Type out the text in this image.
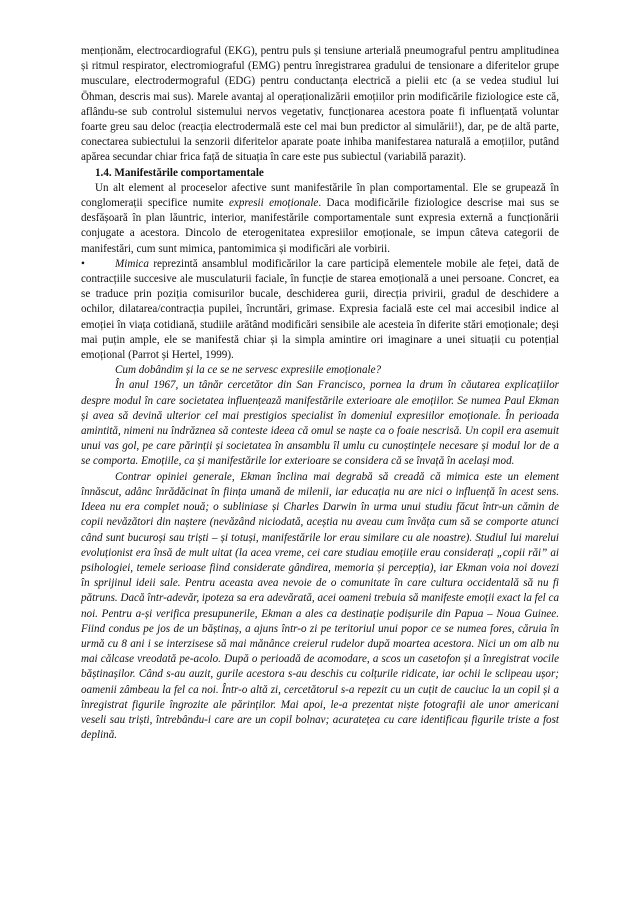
menționăm, electrocardiograful (EKG), pentru puls și tensiune arterială pneumograful pentru amplitudinea și ritmul respirator, electromiograful (EMG) pentru înregistrarea gradului de tensionare a diferitelor grupe musculare, electrodermograful (EDG) pentru conductanța electrică a pielii etc (a se vedea studiul lui Öhman, descris mai sus). Marele avantaj al operaționalizării emoțiilor prin modificările fiziologice este că, aflându-se sub controlul sistemului nervos vegetativ, funcționarea acestora poate fi influențată voluntar foarte greu sau deloc (reacția electrodermală este cel mai bun predictor al simulării!), dar, pe de altă parte, conectarea subiectului la senzorii diferitelor aparate poate inhiba manifestarea naturală a emoțiilor, putând apărea secundar chiar frica față de situația în care este pus subiectul (variabilă parazit).

1.4. Manifestările comportamentale

Un alt element al proceselor afective sunt manifestările în plan comportamental. Ele se grupează în conglomerații specifice numite expresii emoționale. Daca modificările fiziologice descrise mai sus se desfășoară în plan lăuntric, interior, manifestările comportamentale sunt expresia externă a funcționării conjugate a acestora. Dincolo de eterogenitatea expresiilor emoționale, se impun câteva categorii de manifestări, cum sunt mimica, pantomimica și modificări ale vorbirii.

•	Mimica reprezintă ansamblul modificărilor la care participă elementele mobile ale feței, dată de contracțiile succesive ale musculaturii faciale, în funcție de starea emoțională a unei persoane. Concret, ea se traduce prin poziția comisurilor bucale, deschiderea gurii, direcția privirii, gradul de deschidere a ochilor, dilatarea/contracția pupilei, încruntări, grimase. Expresia facială este cel mai accesibil indice al emoției în viața cotidiană, studiile arătând modificări sensibile ale acesteia în diferite stări emoționale; deși mai puțin ample, ele se manifestă chiar și la simpla amintire ori imaginare a unei situații cu potențial emoțional (Parrot și Hertel, 1999).

Cum dobândim și la ce se ne servesc expresiile emoționale?

În anul 1967, un tânăr cercetător din San Francisco, pornea la drum în căutarea explicațiilor despre modul în care societatea influențează manifestările exterioare ale emoțiilor. Se numea Paul Ekman și avea să devină ulterior cel mai prestigios specialist în domeniul expresiilor emoționale. În perioada amintită, nimeni nu îndrăznea să conteste ideea că omul se naște ca o foaie nescrisă. Un copil era asemuit unui vas gol, pe care părinții și societatea în ansamblu îl umlu cu cunoștințele necesare și modul lor de a se comporta. Emoțiile, ca și manifestările lor exterioare se considera că se învață în același mod.

Contrar opiniei generale, Ekman înclina mai degrabă să creadă că mimica este un element înnăscut, adânc înrădăcinat în ființa umană de milenii, iar educația nu are nici o influență în acest sens. Ideea nu era complet nouă; o subliniase și Charles Darwin în urma unui studiu făcut într-un cămin de copii nevăzători din naștere (nevăzând niciodată, aceștia nu aveau cum învăța cum să se comporte atunci când sunt bucuroși sau triști – și totuși, manifestările lor erau similare cu ale noastre). Studiul lui marelui evoluționist era însă de mult uitat (la acea vreme, cei care studiau emoțiile erau considerați „copii răi” ai psihologiei, temele serioase fiind considerate gândirea, memoria și percepția), iar Ekman voia noi dovezi în sprijinul ideii sale. Pentru aceasta avea nevoie de o comunitate în care cultura occidentală să nu fi pătruns. Dacă într-adevăr, ipoteza sa era adevărată, acei oameni trebuia să manifeste emoții exact la fel ca noi. Pentru a-și verifica presupunerile, Ekman a ales ca destinație podișurile din Papua – Noua Guinee. Fiind condus pe jos de un băștinaș, a ajuns într-o zi pe teritoriul unui popor ce se numea fores, căruia în urmă cu 8 ani i se interzisese să mai mănânce creierul rudelor după moartea acestora. Nici un om alb nu mai călcase vreodată pe-acolo. După o perioadă de acomodare, a scos un casetofon și a înregistrat vocile băștinașilor. Când s-au auzit, gurile acestora s-au deschis cu colțurile ridicate, iar ochii le sclipeau ușor; oamenii zâmbeau la fel ca noi. Într-o altă zi, cercetătorul s-a repezit cu un cuțit de cauciuc la un copil și a înregistrat figurile îngrozite ale părinților. Mai apoi, le-a prezentat niște fotografii ale unor americani veseli sau triști, întrebându-i care are un copil bolnav; acuratețea cu care identificau figurile triste a fost deplină.
